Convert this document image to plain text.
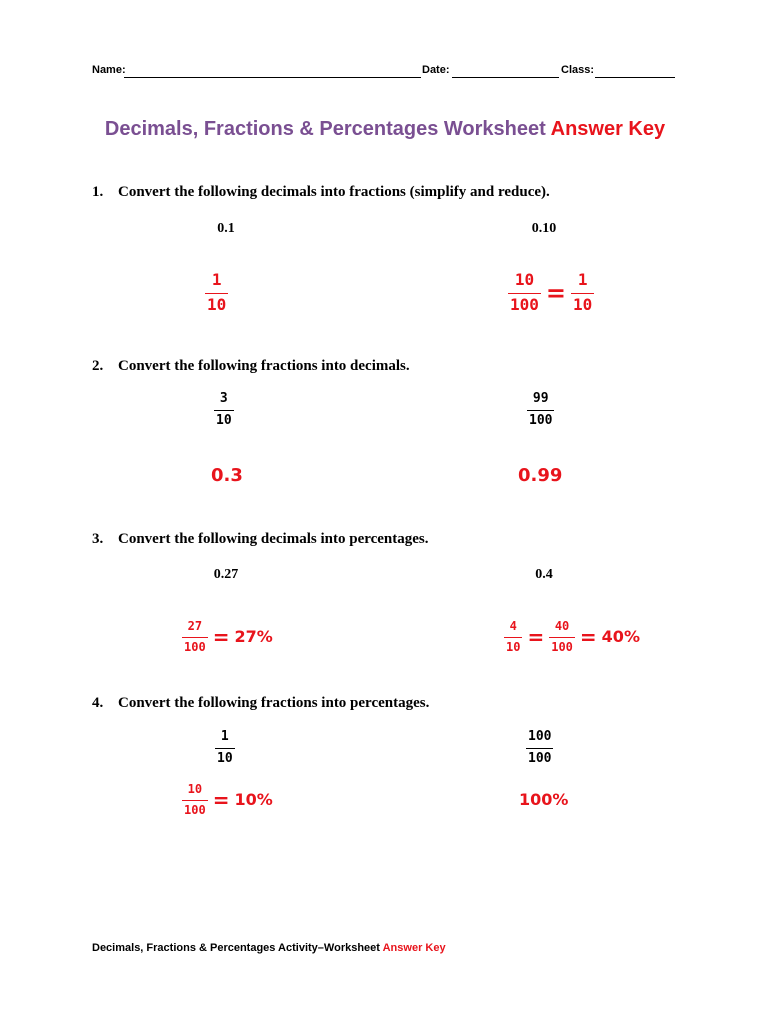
Name:	Date:	Class:
Decimals, Fractions & Percentages Worksheet Answer Key
1. Convert the following decimals into fractions (simplify and reduce).
0.1	0.10
$\frac{1}{10}$	$\frac{10}{100} = \frac{1}{10}$
2. Convert the following fractions into decimals.
$\frac{3}{10}$	$\frac{99}{100}$
0.3	0.99
3. Convert the following decimals into percentages.
0.27	0.4
$\frac{27}{100} = 27\%$	$\frac{4}{10} = \frac{40}{100} = 40\%$
4. Convert the following fractions into percentages.
$\frac{1}{10}$	$\frac{100}{100}$
$\frac{10}{100} = 10\%$	100%
Decimals, Fractions & Percentages Activity–Worksheet Answer Key
